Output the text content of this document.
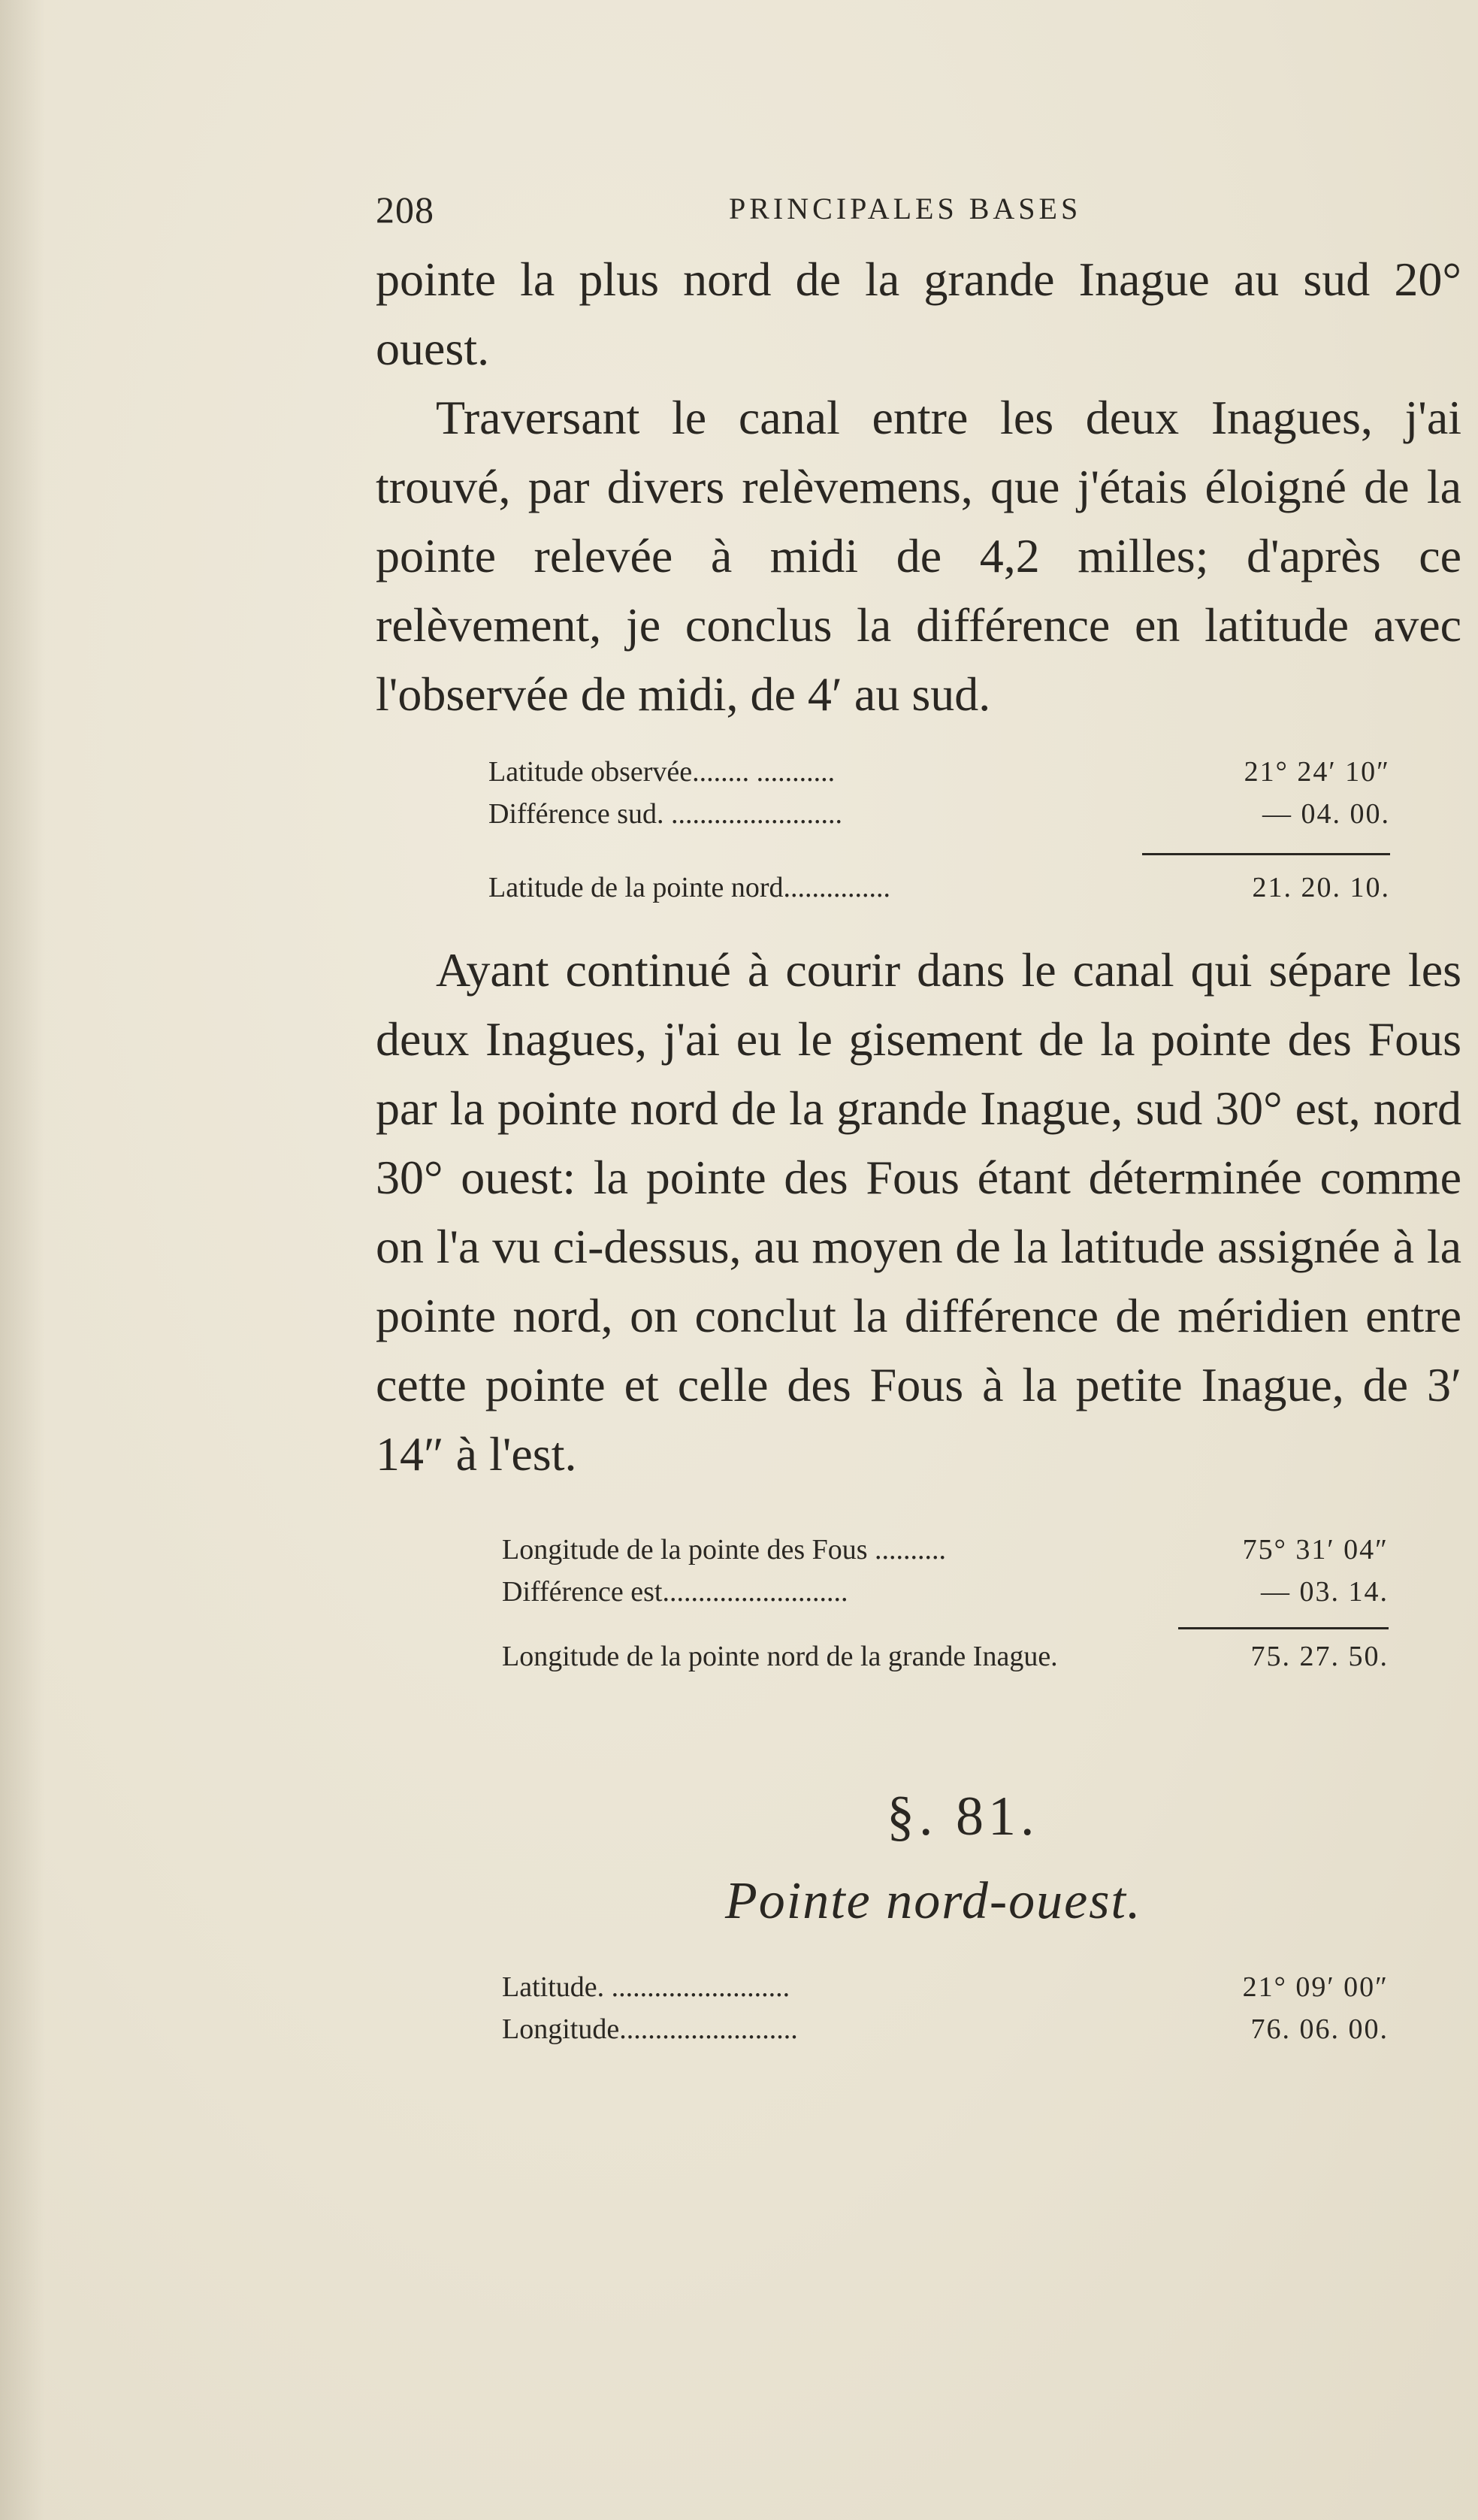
208	PRINCIPALES BASES

pointe la plus nord de la grande Inague au sud 20° ouest.

Traversant le canal entre les deux Inagues, j'ai trouvé, par divers relèvemens, que j'étais éloigné de la pointe relevée à midi de 4,2 milles; d'après ce relèvement, je conclus la différence en latitude avec l'observée de midi, de 4′ au sud.

Latitude observée........ ...........	21° 24′ 10″
Différence sud. ........................	— 04. 00.
Latitude de la pointe nord...............	21. 20. 10.

Ayant continué à courir dans le canal qui sépare les deux Inagues, j'ai eu le gisement de la pointe des Fous par la pointe nord de la grande Inague, sud 30° est, nord 30° ouest: la pointe des Fous étant déterminée comme on l'a vu ci-dessus, au moyen de la latitude assignée à la pointe nord, on conclut la différence de méridien entre cette pointe et celle des Fous à la petite Inague, de 3′ 14″ à l'est.

Longitude de la pointe des Fous ..........	75° 31′ 04″
Différence est..........................	— 03. 14.
Longitude de la pointe nord de la grande Inague.	75. 27. 50.
§. 81.
Pointe nord-ouest.
Latitude. .........................	21° 09′ 00″
Longitude.........................	76. 06. 00.
